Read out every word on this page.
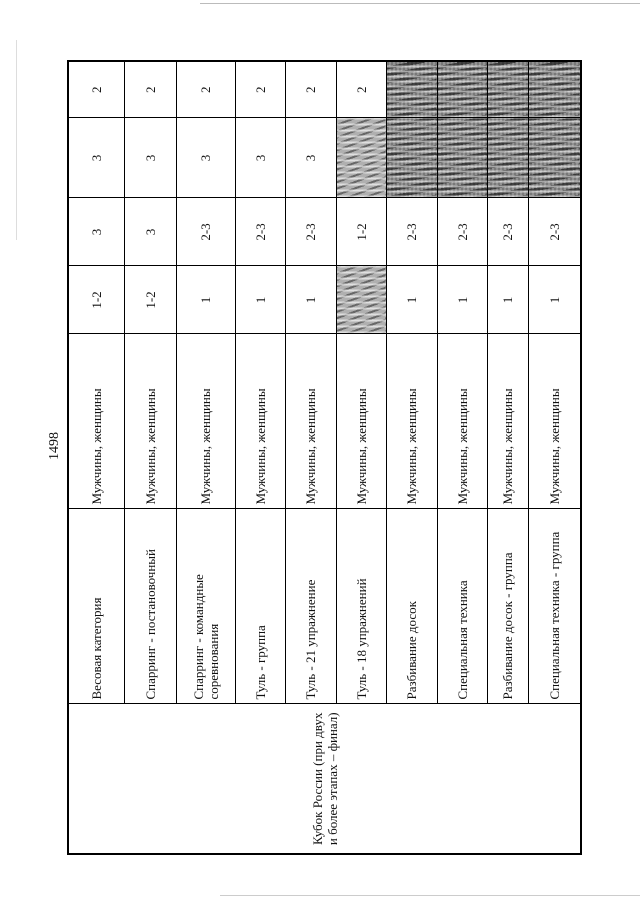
1498
Кубок России (при двух и более этапах – финал)	Весовая категория	Мужчины, женщины	1-2	3	3	2
	Спарринг - постановочный	Мужчины, женщины	1-2	3	3	2
	Спарринг - командные соревнования	Мужчины, женщины	1	2-3	3	2
	Туль - группа	Мужчины, женщины	1	2-3	3	2
	Туль - 21 упражнение	Мужчины, женщины	1	2-3	3	2
	Туль - 18 упражнений	Мужчины, женщины		1-2		2
	Разбивание досок	Мужчины, женщины	1	2-3		
	Специальная техника	Мужчины, женщины	1	2-3		
	Разбивание досок - группа	Мужчины, женщины	1	2-3		
	Специальная техника - группа	Мужчины, женщины	1	2-3		
